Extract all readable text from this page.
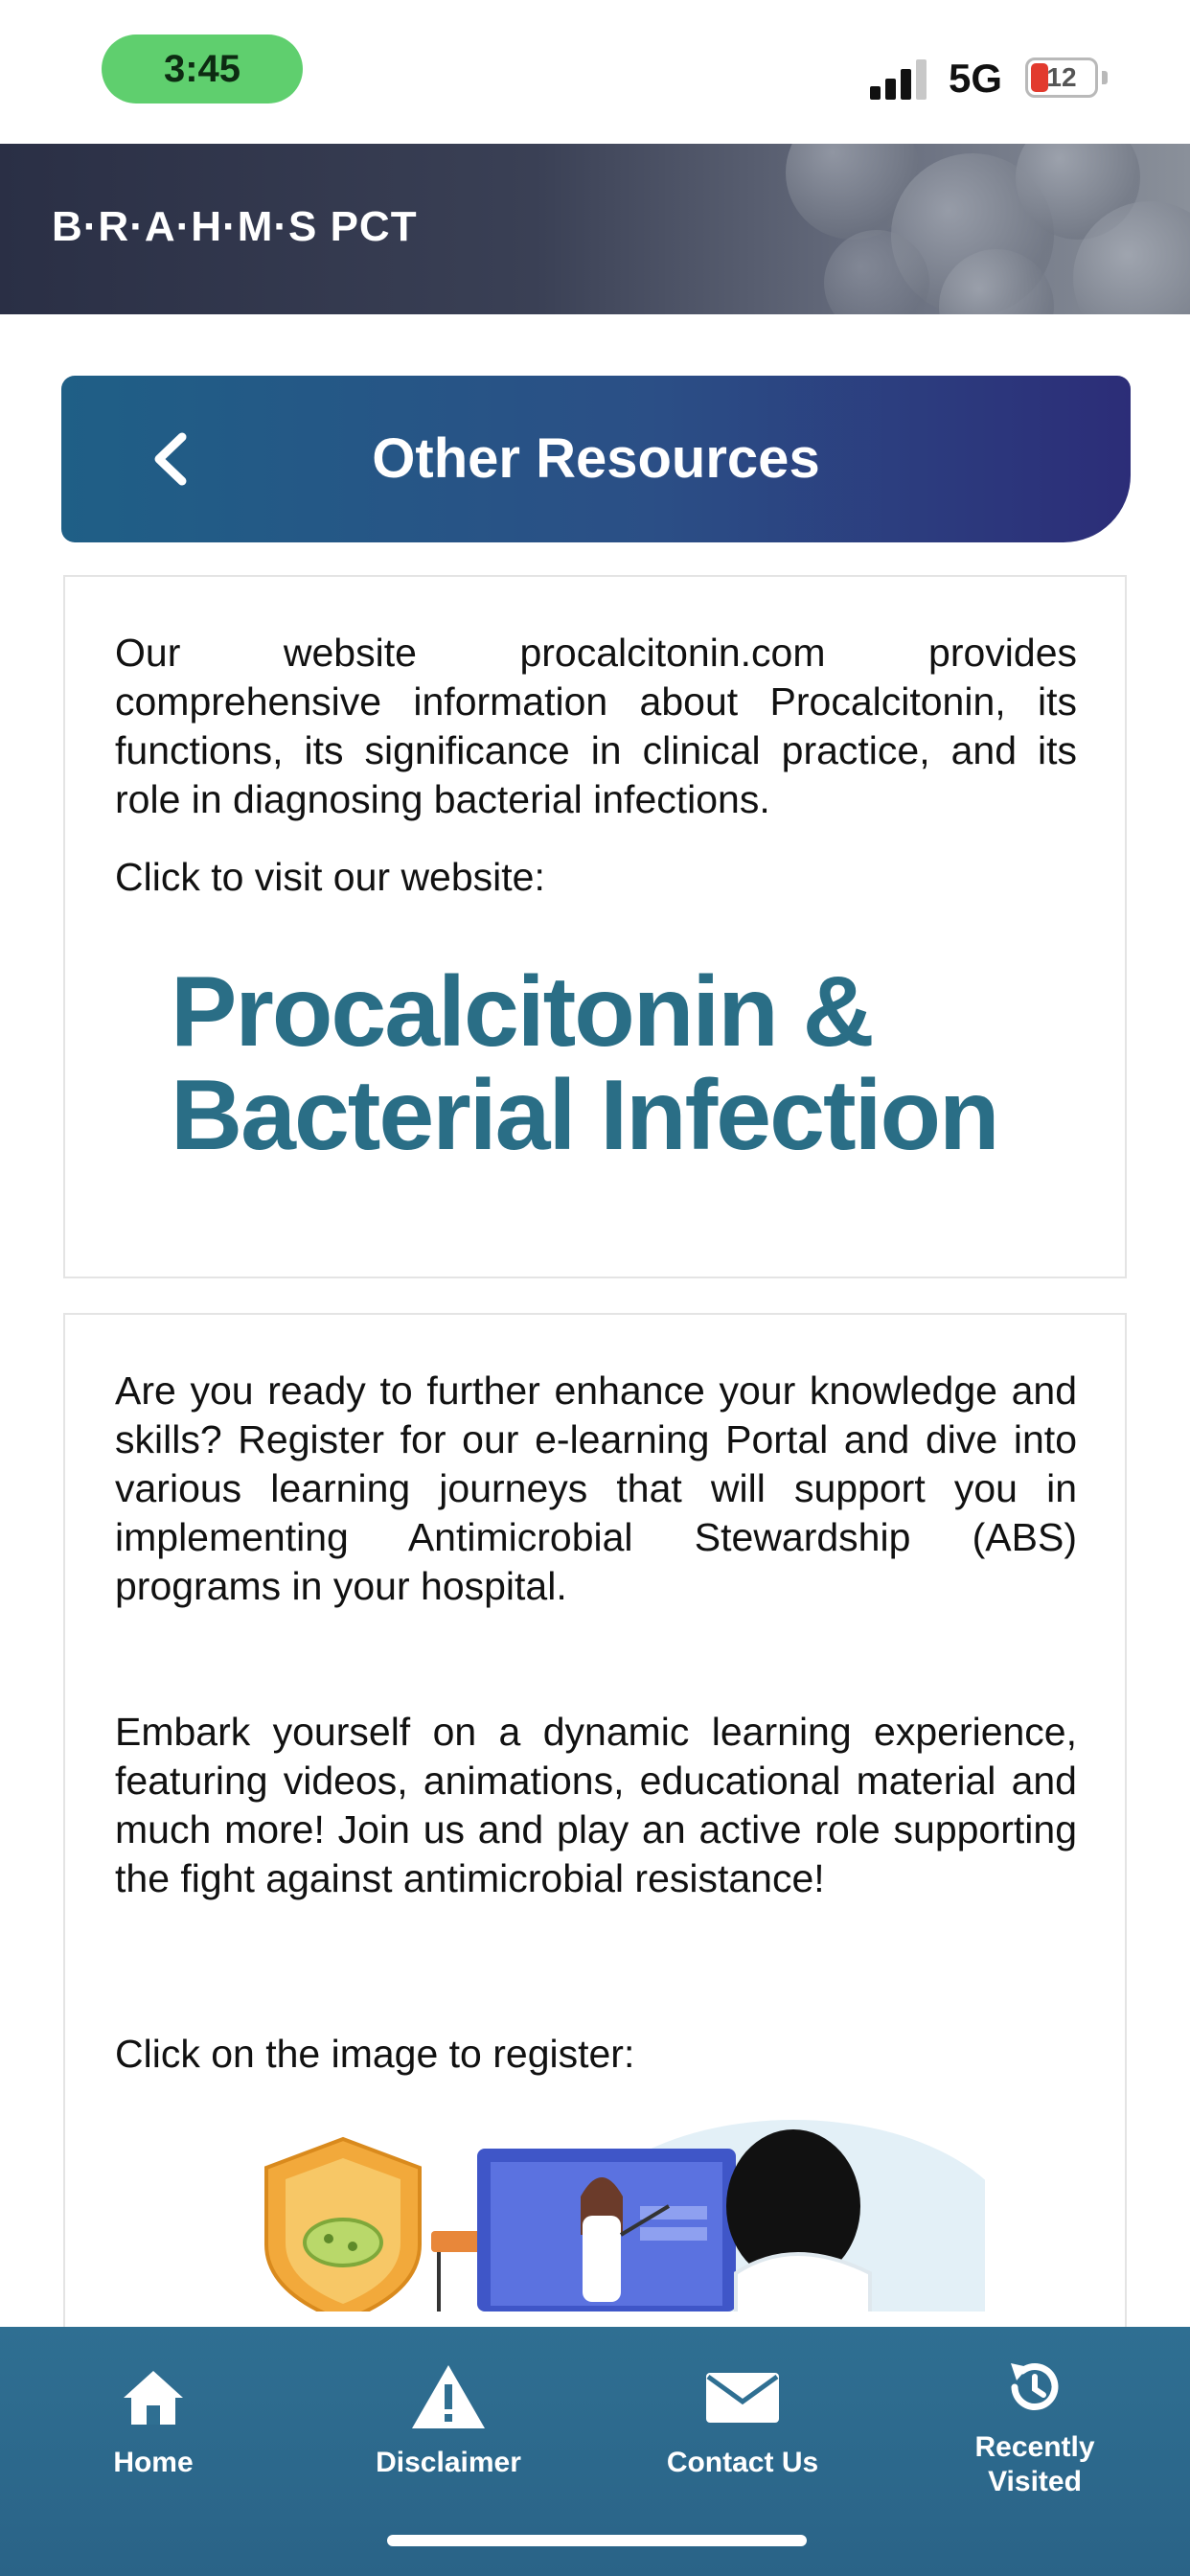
3:45	5G	12
B·R·A·H·M·S PCT
Other Resources

Our website procalcitonin.com provides comprehensive information about Procalcitonin, its functions, its significance in clinical practice, and its role in diagnosing bacterial infections.

Click to visit our website:

Procalcitonin &
Bacterial Infection

Are you ready to further enhance your knowledge and skills? Register for our e-learning Portal and dive into various learning journeys that will support you in implementing Antimicrobial Stewardship (ABS) programs in your hospital.

Embark yourself on a dynamic learning experience, featuring videos, animations, educational material and much more! Join us and play an active role supporting the fight against antimicrobial resistance!

Click on the image to register:

Home	Disclaimer	Contact Us	Recently
Visited
